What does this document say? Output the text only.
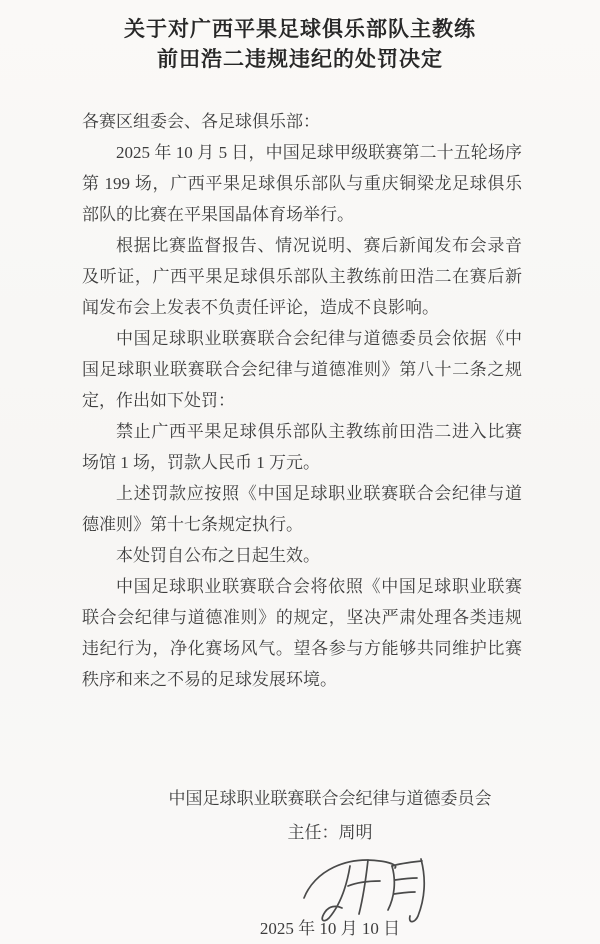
关于对广西平果足球俱乐部队主教练
前田浩二违规违纪的处罚决定

各赛区组委会、各足球俱乐部：

2025 年 10 月 5 日，中国足球甲级联赛第二十五轮场序第 199 场，广西平果足球俱乐部队与重庆铜梁龙足球俱乐部队的比赛在平果国晶体育场举行。

根据比赛监督报告、情况说明、赛后新闻发布会录音及听证，广西平果足球俱乐部队主教练前田浩二在赛后新闻发布会上发表不负责任评论，造成不良影响。

中国足球职业联赛联合会纪律与道德委员会依据《中国足球职业联赛联合会纪律与道德准则》第八十二条之规定，作出如下处罚：

禁止广西平果足球俱乐部队主教练前田浩二进入比赛场馆 1 场，罚款人民币 1 万元。

上述罚款应按照《中国足球职业联赛联合会纪律与道德准则》第十七条规定执行。

本处罚自公布之日起生效。

中国足球职业联赛联合会将依照《中国足球职业联赛联合会纪律与道德准则》的规定，坚决严肃处理各类违规违纪行为，净化赛场风气。望各参与方能够共同维护比赛秩序和来之不易的足球发展环境。

中国足球职业联赛联合会纪律与道德委员会
主任：周明
2025 年 10 月 10 日
